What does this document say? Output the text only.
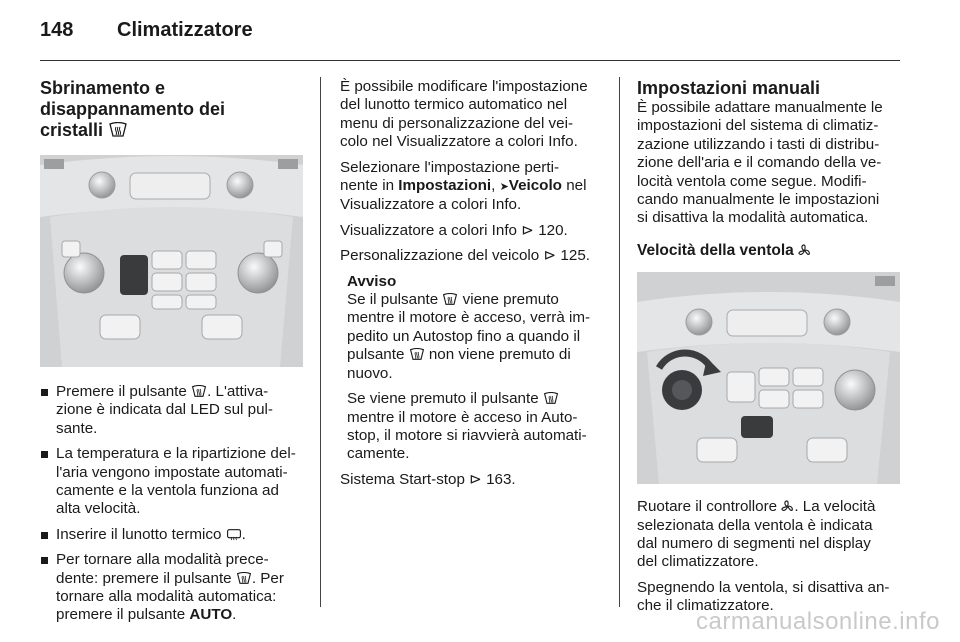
148 Climatizzatore
Sbrinamento e
disappannamento dei
cristalli
Premere il pulsante . L'attiva-
zione è indicata dal LED sul pul-
sante.
La temperatura e la ripartizione del-
l'aria vengono impostate automati-
camente e la ventola funziona ad
alta velocità.
Inserire il lunotto termico .
Per tornare alla modalità prece-
dente: premere il pulsante . Per
tornare alla modalità automatica:
premere il pulsante AUTO.

È possibile modificare l'impostazione
del lunotto termico automatico nel
menu di personalizzazione del vei-
colo nel Visualizzatore a colori Info.

Selezionare l'impostazione perti-
nente in Impostazioni, ➤Veicolo nel
Visualizzatore a colori Info.

Visualizzatore a colori Info ⊳ 120.

Personalizzazione del veicolo ⊳ 125.

Avviso

Se il pulsante  viene premuto
mentre il motore è acceso, verrà im-
pedito un Autostop fino a quando il
pulsante  non viene premuto di
nuovo.

Se viene premuto il pulsante
mentre il motore è acceso in Auto-
stop, il motore si riavvierà automati-
camente.

Sistema Start-stop ⊳ 163.

Impostazioni manuali

È possibile adattare manualmente le
impostazioni del sistema di climatiz-
zazione utilizzando i tasti di distribu-
zione dell'aria e il comando della ve-
locità ventola come segue. Modifi-
cando manualmente le impostazioni
si disattiva la modalità automatica.

Velocità della ventola

Ruotare il controllore . La velocità
selezionata della ventola è indicata
dal numero di segmenti nel display
del climatizzatore.

Spegnendo la ventola, si disattiva an-
che il climatizzatore.

carmanualsonline.info
